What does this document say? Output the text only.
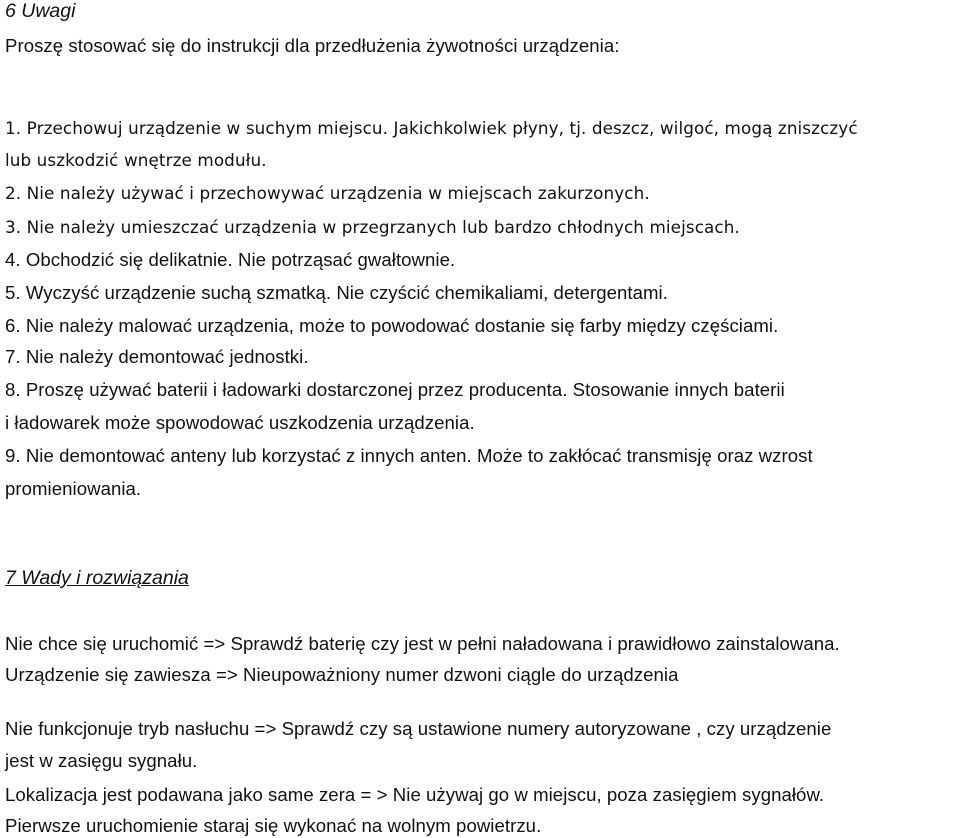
6 Uwagi
Proszę stosować się do instrukcji dla przedłużenia żywotności urządzenia:
1. Przechowuj urządzenie w suchym miejscu. Jakichkolwiek płyny, tj. deszcz, wilgoć, mogą zniszczyć
lub uszkodzić wnętrze modułu.
2. Nie należy używać i przechowywać urządzenia w miejscach zakurzonych.
3. Nie należy umieszczać urządzenia w przegrzanych lub bardzo chłodnych miejscach.
4. Obchodzić się delikatnie. Nie potrząsać gwałtownie.
5. Wyczyść urządzenie suchą szmatką. Nie czyścić chemikaliami, detergentami.
6. Nie należy malować urządzenia, może to powodować dostanie się farby między częściami.
7. Nie należy demontować jednostki.
8. Proszę używać baterii i ładowarki dostarczonej przez producenta. Stosowanie innych baterii
i ładowarek może spowodować uszkodzenia urządzenia.
9. Nie demontować anteny lub korzystać z innych anten. Może to zakłócać transmisję oraz wzrost
promieniowania.
7 Wady i rozwiązania
Nie chce się uruchomić => Sprawdź baterię czy jest w pełni naładowana i prawidłowo zainstalowana.
Urządzenie się zawiesza => Nieupoważniony numer dzwoni ciągle do urządzenia
Nie funkcjonuje tryb nasłuchu => Sprawdź czy są ustawione numery autoryzowane , czy urządzenie
jest w zasięgu sygnału.
Lokalizacja jest podawana jako same zera = > Nie używaj go w miejscu, poza zasięgiem sygnałów.
Pierwsze uruchomienie staraj się wykonać na wolnym powietrzu.
